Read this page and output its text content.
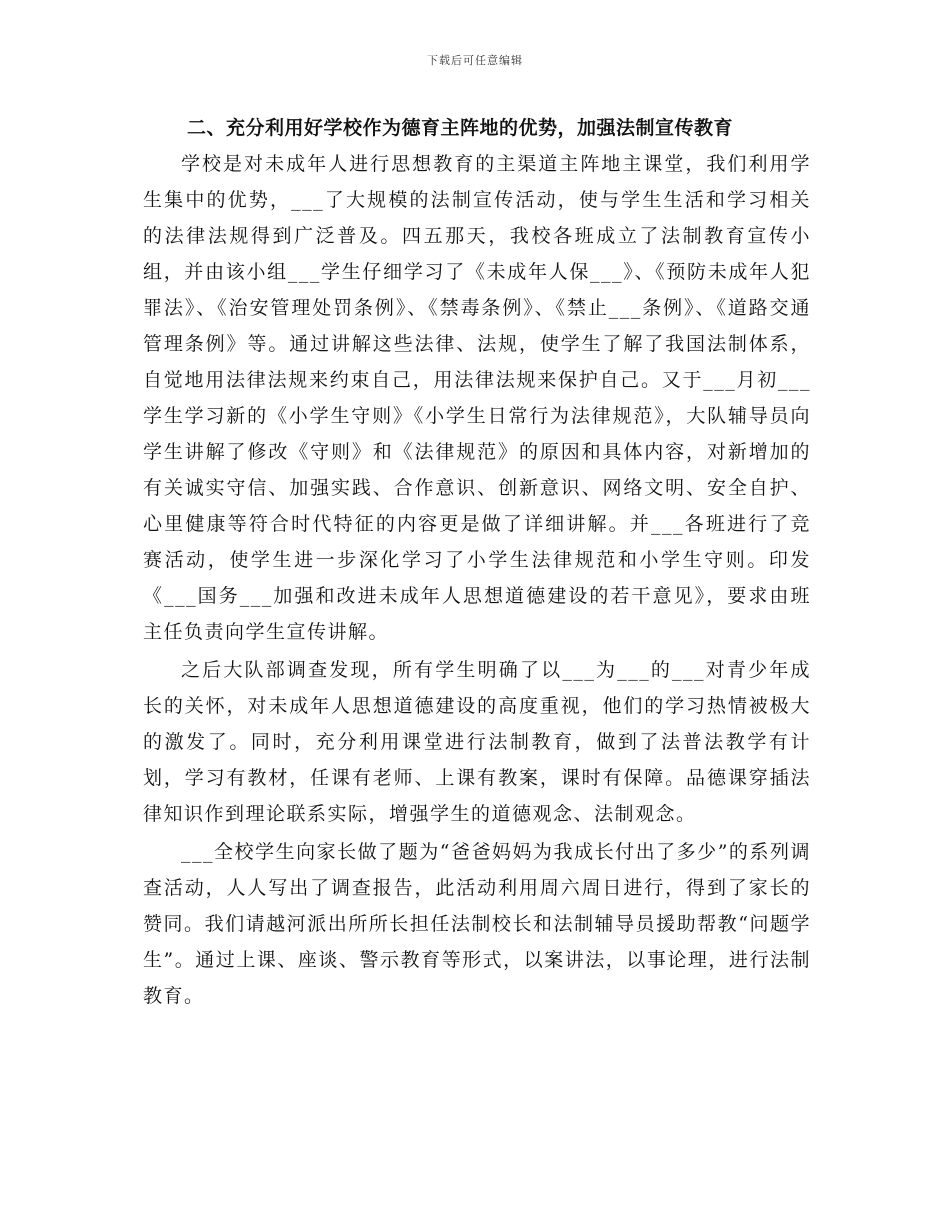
下载后可任意编辑
二、充分利用好学校作为德育主阵地的优势，加强法制宣传教育

学校是对未成年人进行思想教育的主渠道主阵地主课堂，我们利用学生集中的优势，___了大规模的法制宣传活动，使与学生生活和学习相关的法律法规得到广泛普及。四五那天，我校各班成立了法制教育宣传小组，并由该小组___学生仔细学习了《未成年人保___》、《预防未成年人犯罪法》、《治安管理处罚条例》、《禁毒条例》、《禁止___条例》、《道路交通管理条例》等。通过讲解这些法律、法规，使学生了解了我国法制体系，自觉地用法律法规来约束自己，用法律法规来保护自己。又于___月初___学生学习新的《小学生守则》《小学生日常行为法律规范》，大队辅导员向学生讲解了修改《守则》和《法律规范》的原因和具体内容，对新增加的有关诚实守信、加强实践、合作意识、创新意识、网络文明、安全自护、心里健康等符合时代特征的内容更是做了详细讲解。并___各班进行了竞赛活动，使学生进一步深化学习了小学生法律规范和小学生守则。印发《___国务___加强和改进未成年人思想道德建设的若干意见》，要求由班主任负责向学生宣传讲解。

之后大队部调查发现，所有学生明确了以___为___的___对青少年成长的关怀，对未成年人思想道德建设的高度重视，他们的学习热情被极大的激发了。同时，充分利用课堂进行法制教育，做到了法普法教学有计划，学习有教材，任课有老师、上课有教案，课时有保障。品德课穿插法律知识作到理论联系实际，增强学生的道德观念、法制观念。

___全校学生向家长做了题为“爸爸妈妈为我成长付出了多少”的系列调查活动，人人写出了调查报告，此活动利用周六周日进行，得到了家长的赞同。我们请越河派出所所长担任法制校长和法制辅导员援助帮教“问题学生”。通过上课、座谈、警示教育等形式，以案讲法，以事论理，进行法制教育。
